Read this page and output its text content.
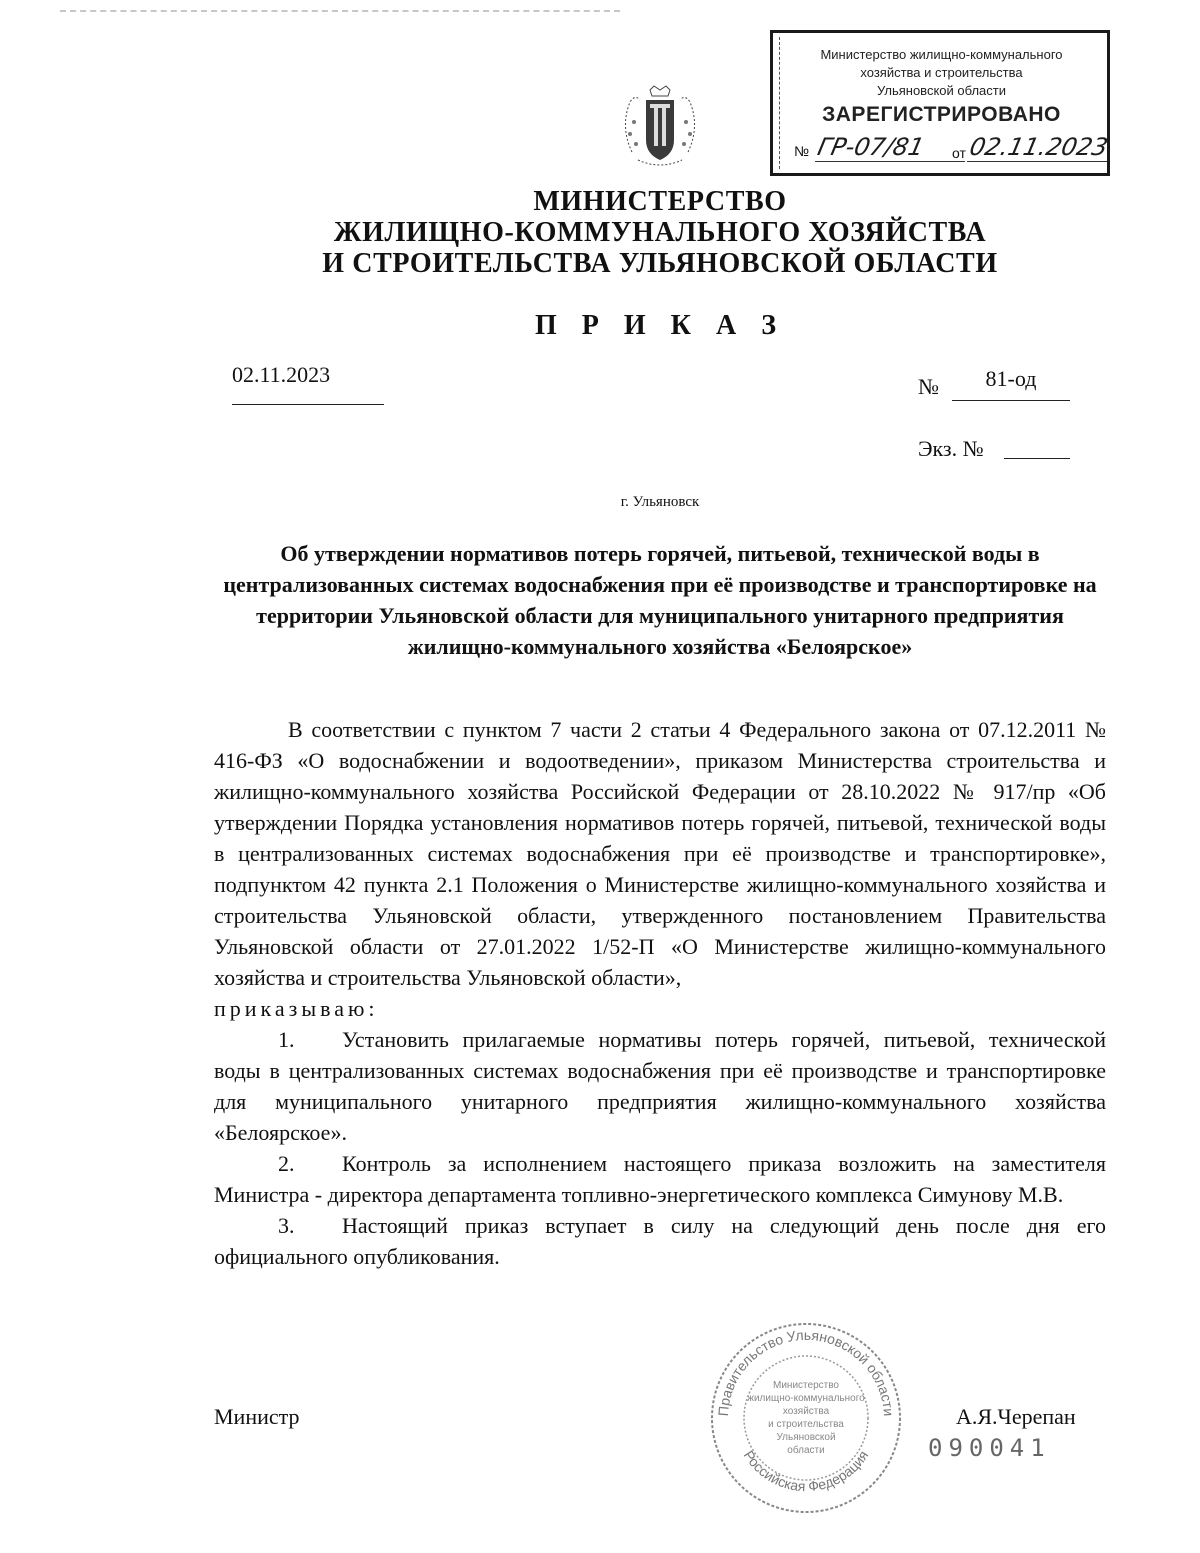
Министерство жилищно-коммунального
хозяйства и строительства
Ульяновской области
ЗАРЕГИСТРИРОВАНО
№ ГР-07/81	от 02.11.2023
МИНИСТЕРСТВО
ЖИЛИЩНО-КОММУНАЛЬНОГО ХОЗЯЙСТВА
И СТРОИТЕЛЬСТВА УЛЬЯНОВСКОЙ ОБЛАСТИ
П Р И К А З
02.11.2023	№	81-од
Экз. №
г. Ульяновск
Об утверждении нормативов потерь горячей, питьевой, технической воды в централизованных системах водоснабжения при её производстве и транспортировке на территории Ульяновской области для муниципального унитарного предприятия жилищно-коммунального хозяйства «Белоярское»

В соответствии с пунктом 7 части 2 статьи 4 Федерального закона от 07.12.2011 № 416-ФЗ «О водоснабжении и водоотведении», приказом Министерства строительства и жилищно-коммунального хозяйства Российской Федерации от 28.10.2022 № 917/пр «Об утверждении Порядка установления нормативов потерь горячей, питьевой, технической воды в централизованных системах водоснабжения при её производстве и транспортировке», подпунктом 42 пункта 2.1 Положения о Министерстве жилищно-коммунального хозяйства и строительства Ульяновской области, утвержденного постановлением Правительства Ульяновской области от 27.01.2022 1/52-П «О Министерстве жилищно-коммунального хозяйства и строительства Ульяновской области»,

приказываю:

1. Установить прилагаемые нормативы потерь горячей, питьевой, технической воды в централизованных системах водоснабжения при её производстве и транспортировке для муниципального унитарного предприятия жилищно-коммунального хозяйства «Белоярское».

2. Контроль за исполнением настоящего приказа возложить на заместителя Министра - директора департамента топливно-энергетического комплекса Симунову М.В.

3. Настоящий приказ вступает в силу на следующий день после дня его официального опубликования.

Правительство Ульяновской области
Российская Федерация
Министерство
жилищно-коммунального
хозяйства
и строительства
Ульяновской
области
Министр	А.Я.Черепан
090041
